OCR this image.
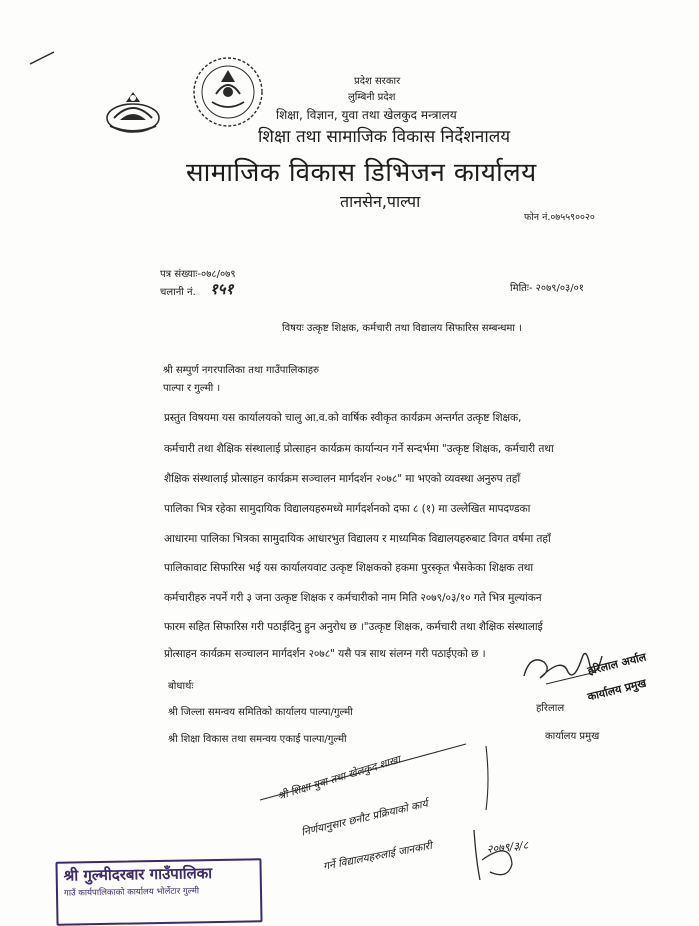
प्रदेश सरकार
लुम्बिनी प्रदेश
शिक्षा, विज्ञान, युवा तथा खेलकुद मन्त्रालय
शिक्षा तथा सामाजिक विकास निर्देशनालय
सामाजिक विकास डिभिजन कार्यालय
तानसेन,पाल्पा
फोन नं.०७५५९००२०
पत्र संख्याः-०७८/०७९
चलानी नं. १५१	मितिः- २०७९/०३/०१
विषयः उत्कृष्ट शिक्षक, कर्मचारी तथा विद्यालय सिफारिस सम्बन्धमा ।
श्री सम्पुर्ण नगरपालिका तथा गाउँपालिकाहरु
पाल्पा र गुल्मी ।
प्रस्तुत विषयमा यस कार्यालयको चालु आ.व.को वार्षिक स्वीकृत कार्यक्रम अन्तर्गत उत्कृष्ट शिक्षक,
कर्मचारी तथा शैक्षिक संस्थालाई प्रोत्साहन कार्यक्रम कार्यान्यन गर्ने सन्दर्भमा "उत्कृष्ट शिक्षक, कर्मचारी तथा
शैक्षिक संस्थालाई प्रोत्साहन कार्यक्रम सञ्चालन मार्गदर्शन २०७८" मा भएको व्यवस्था अनुरुप तहाँ
पालिका भित्र रहेका सामुदायिक विद्यालयहरुमध्ये मार्गदर्शनको दफा ८ (१) मा उल्लेखित मापदण्डका
आधारमा पालिका भित्रका सामुदायिक आधारभुत विद्यालय र माध्यमिक विद्यालयहरुबाट विगत वर्षमा तहाँ
पालिकावाट सिफारिस भई यस कार्यालयवाट उत्कृष्ट शिक्षकको हकमा पुरस्कृत भैसकेका शिक्षक तथा
कर्मचारीहरु नपर्ने गरी ३ जना उत्कृष्ट शिक्षक र कर्मचारीको नाम मिति २०७९/०३/१० गते भित्र मुल्यांकन
फारम सहित सिफारिस गरी पठाईदिनु हुन अनुरोध छ ।"उत्कृष्ट शिक्षक, कर्मचारी तथा शैक्षिक संस्थालाई
प्रोत्साहन कार्यक्रम सञ्चालन मार्गदर्शन २०७८" यसै पत्र साथ संलग्न गरी पठाईएको छ ।
बोधार्थः
श्री जिल्ला समन्वय समितिको कार्यालय पाल्पा/गुल्मी
श्री शिक्षा विकास तथा समन्वय एकाई पाल्पा/गुल्मी
हरिलाल अर्याल
कार्यालय प्रमुख
हरिलाल
कार्यालय प्रमुख
श्री शिक्षा युवा तथा खेलकुद शाखा
निर्णयानुसार छनौट प्रक्रियाको कार्य
गर्ने विद्यालयहरुलाई जानकारी	२०७९/३/८
श्री गुल्मीदरबार गाउँपालिका
गाउँ कार्यपालिकाको कार्यालय भोर्लेटार गुल्मी
